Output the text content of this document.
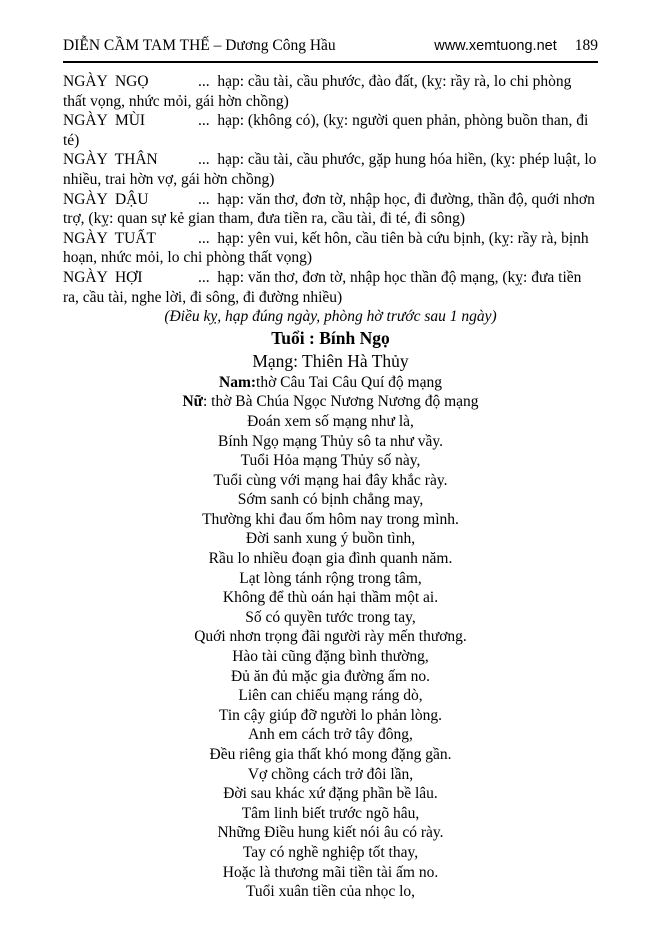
DIỄN CẦM TAM THẾ – Dương Công Hầu	www.xemtuong.net 189

NGÀY  NGỌ	...  hạp: cầu tài, cầu phước, đào đất, (kỵ: rầy rà, lo chi phòng thất vọng, nhức mỏi, gái hờn chồng)

NGÀY  MÙI	...  hạp: (không có), (kỵ: người quen phản, phòng buồn than, đi té)

NGÀY  THÂN	...  hạp: cầu tài, cầu phước, gặp hung hóa hiền, (kỵ: phép luật, lo nhiều, trai hờn vợ, gái hờn chồng)

NGÀY  DẬU	...  hạp: văn thơ, đơn tờ, nhập học, đi đường, thần độ, quới nhơn trợ, (kỵ: quan sự kẻ gian tham, đưa tiền ra, cầu tài, đi té, đi sông)

NGÀY  TUẤT	...  hạp: yên vui, kết hôn, cầu tiên bà cứu bịnh, (kỵ: rầy rà, bịnh hoạn, nhức mỏi, lo chi phòng thất vọng)

NGÀY  HỢI	...  hạp: văn thơ, đơn tờ, nhập học thần độ mạng, (kỵ: đưa tiền ra, cầu tài, nghe lời, đi sông, đi đường nhiều)

(Điều kỵ, hạp đúng ngày, phòng hờ trước sau 1 ngày)

Tuổi : Bính Ngọ

Mạng: Thiên Hà Thủy

Nam:thờ Câu Tai Câu Quí độ mạng

Nữ: thờ Bà Chúa Ngọc Nương Nương độ mạng

Đoán xem số mạng như là,

Bính Ngọ mạng Thủy sô ta như vầy.

Tuổi Hỏa mạng Thủy số này,

Tuổi cùng với mạng hai đây khắc rày.

Sớm sanh có bịnh chẳng may,

Thường khi đau ốm hôm nay trong mình.

Đời sanh xung ý buồn tình,

Rầu lo nhiều đoạn gia đình quanh năm.

Lạt lòng tánh rộng trong tâm,

Không để thù oán hại thầm một ai.

Số có quyền tước trong tay,

Quới nhơn trọng đãi người rày mến thương.

Hào tài cũng đặng bình thường,

Đủ ăn đủ mặc gia đường ấm no.

Liên can chiếu mạng ráng dò,

Tin cậy giúp đỡ người lo phản lòng.

Anh em cách trở tây đông,

Đều riêng gia thất khó mong đặng gần.

Vợ chồng cách trở đôi lần,

Đời sau khác xứ đặng phần bề lâu.

Tâm linh biết trước ngõ hâu,

Những Điều hung kiết nói âu có rày.

Tay có nghề nghiệp tốt thay,

Hoặc là thương mãi tiền tài ấm no.

Tuổi xuân tiền của nhọc lo,
